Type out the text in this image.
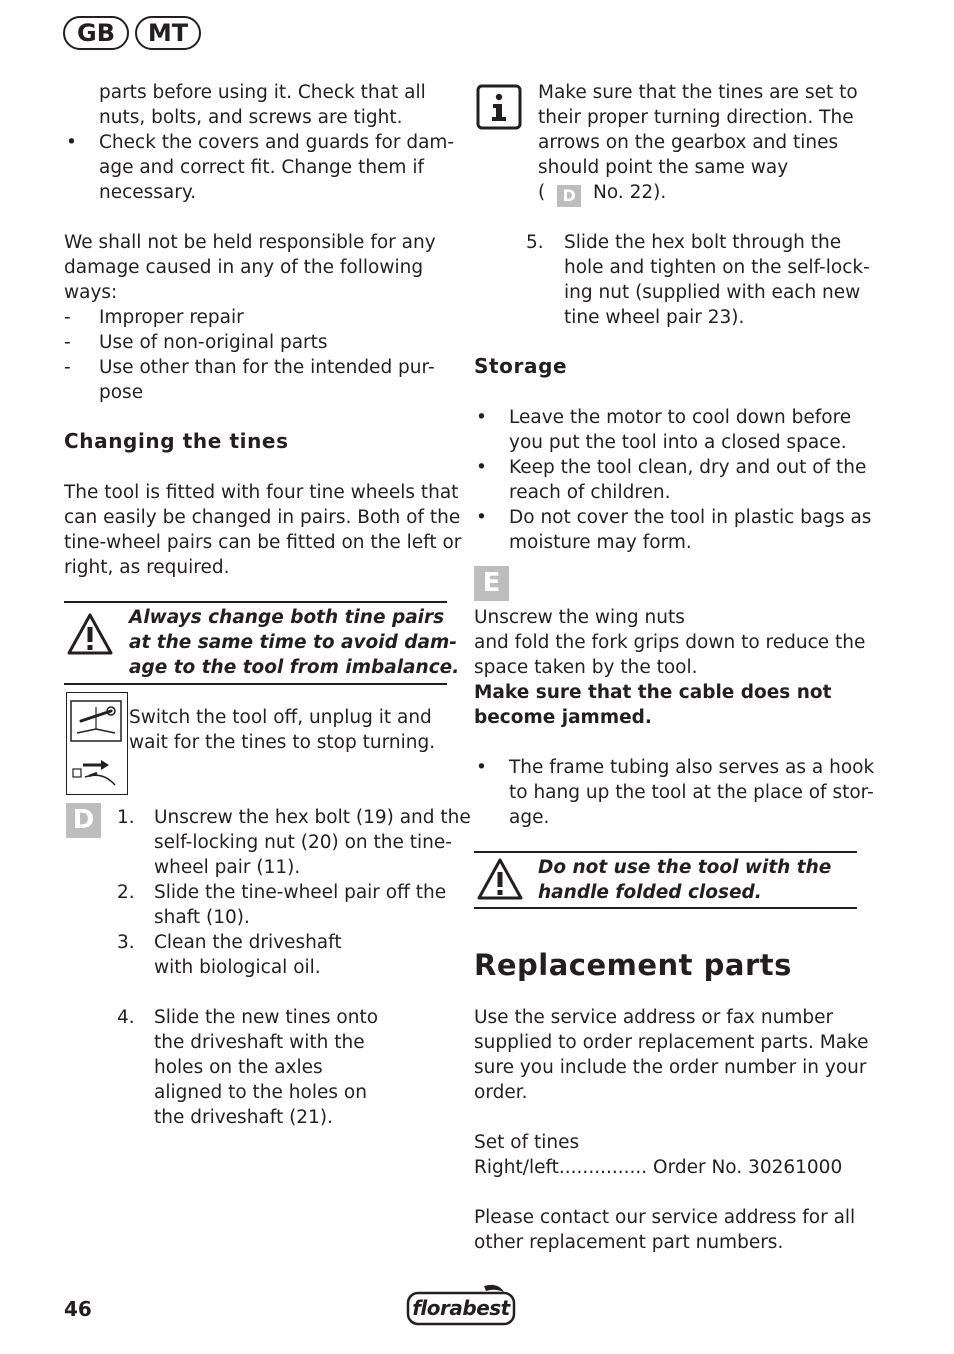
GB	MT
parts before using it. Check that all
nuts, bolts, and screws are tight.
• Check the covers and guards for dam-
age and correct fit. Change them if
necessary.
We shall not be held responsible for any
damage caused in any of the following
ways:
- Improper repair
- Use of non-original parts
- Use other than for the intended pur-
pose
Changing the tines
The tool is fitted with four tine wheels that
can easily be changed in pairs. Both of the
tine-wheel pairs can be fitted on the left or
right, as required.
Always change both tine pairs
at the same time to avoid dam-
age to the tool from imbalance.
Switch the tool off, unplug it and
wait for the tines to stop turning.
D	1. Unscrew the hex bolt (19) and the
self-locking nut (20) on the tine-
wheel pair (11).
2. Slide the tine-wheel pair off the
shaft (10).
3. Clean the driveshaft
with biological oil.
4. Slide the new tines onto
the driveshaft with the
holes on the axles
aligned to the holes on
the driveshaft (21).
Make sure that the tines are set to
their proper turning direction. The
arrows on the gearbox and tines
should point the same way
( D No. 22).
5. Slide the hex bolt through the
hole and tighten on the self-lock-
ing nut (supplied with each new
tine wheel pair 23).
Storage
• Leave the motor to cool down before
you put the tool into a closed space.
• Keep the tool clean, dry and out of the
reach of children.
• Do not cover the tool in plastic bags as
moisture may form.
E
Unscrew the wing nuts
and fold the fork grips down to reduce the
space taken by the tool.
Make sure that the cable does not
become jammed.
• The frame tubing also serves as a hook
to hang up the tool at the place of stor-
age.
Do not use the tool with the
handle folded closed.
Replacement parts
Use the service address or fax number
supplied to order replacement parts. Make
sure you include the order number in your
order.
Set of tines
Right/left............... Order No. 30261000
Please contact our service address for all
other replacement part numbers.
46	florabest
